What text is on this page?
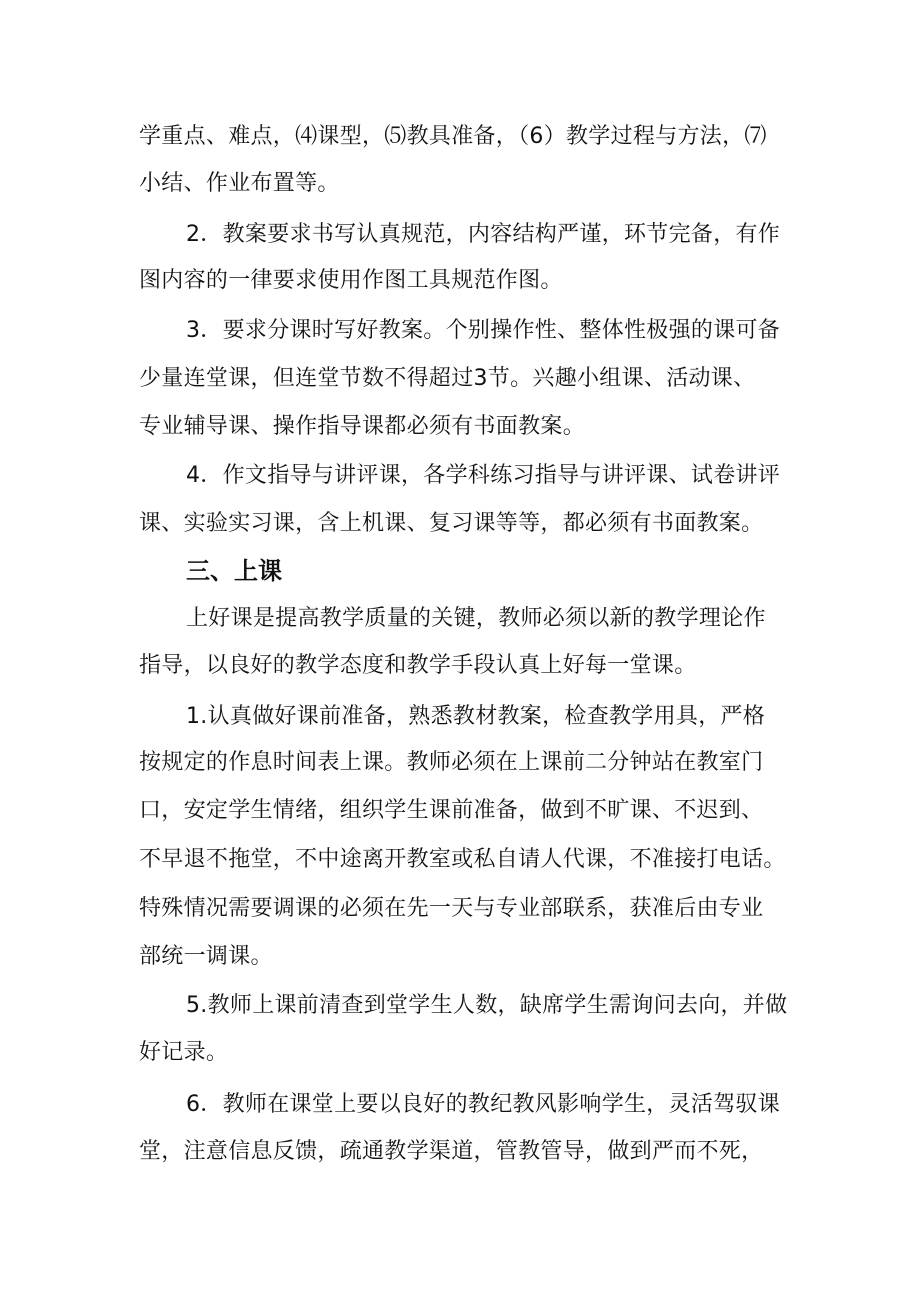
学重点、难点，⑷课型，⑸教具准备，（6）教学过程与方法，⑺
小结、作业布置等。
2．教案要求书写认真规范，内容结构严谨，环节完备，有作
图内容的一律要求使用作图工具规范作图。
3．要求分课时写好教案。个别操作性、整体性极强的课可备
少量连堂课，但连堂节数不得超过3节。兴趣小组课、活动课、
专业辅导课、操作指导课都必须有书面教案。
4．作文指导与讲评课，各学科练习指导与讲评课、试卷讲评
课、实验实习课，含上机课、复习课等等，都必须有书面教案。
三、上课
上好课是提高教学质量的关键，教师必须以新的教学理论作
指导，以良好的教学态度和教学手段认真上好每一堂课。
1.认真做好课前准备，熟悉教材教案，检查教学用具，严格
按规定的作息时间表上课。教师必须在上课前二分钟站在教室门
口，安定学生情绪，组织学生课前准备，做到不旷课、不迟到、
不早退不拖堂，不中途离开教室或私自请人代课，不准接打电话。
特殊情况需要调课的必须在先一天与专业部联系，获准后由专业
部统一调课。
5.教师上课前清查到堂学生人数，缺席学生需询问去向，并做
好记录。
6．教师在课堂上要以良好的教纪教风影响学生，灵活驾驭课
堂，注意信息反馈，疏通教学渠道，管教管导，做到严而不死，
